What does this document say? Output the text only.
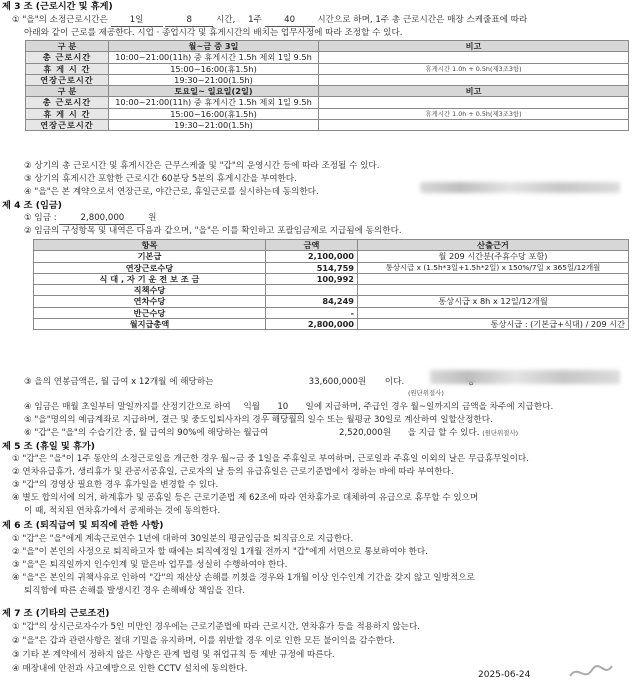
제 3 조 (근로시간 및 휴게)
① "을"의 소정근로시간은	1일	8	시간, 1주	40	시간으로 하며, 1주 총 근로시간은 매장 스케줄표에 따라
아래와 같이 근로를 제공한다. 시업 · 종업시각 및 휴게시간의 배치는 업무사정에 따라 조정할 수 있다.
구 분	월~금 중 3일	비고
총 근로시간	10:00~21:00(11h) 중 휴게시간 1.5h 제외 1일 9.5h	
휴 게 시 간	15:00~16:00(휴1.5h)	휴게시간 1.0h + 0.5h(제3조3항)
연장근로시간	19:30~21:00(1.5h)	
구 분	토요일~ 일요일(2일)	비고
총 근로시간	10:00~21:00(11h) 중 휴게시간 1.5h 제외 1일 9.5h	
휴 게 시 간	15:00~16:00(휴1.5h)	휴게시간 1.0h + 0.5h(제3조3항)
연장근로시간	19:30~21:00(1.5h)	
② 상기의 총 근로시간 및 휴게시간은 근무스케줄 및 "갑"의 운영시간 등에 따라 조정될 수 있다.
③ 상기의 휴게시간 포함한 근로시간 60분당 5분의 휴게시간을 부여한다.
④ "을"은 본 계약으로서 연장근로, 야간근로, 휴일근로를 실시하는데 동의한다.
제 4 조 (임금)
① 임금 :	2,800,000	원
② 임금의 구성항목 및 내역은 다음과 같으며, "을"은 이를 확인하고 포괄임금제로 지급됨에 동의한다.
항목	금액	산출근거
기본급	2,100,000	월 209 시간분(주휴수당 포함)
연장근로수당	514,759	통상시급 x (1.5h*3일+1.5h*2일) x 150%/7일 x 365일/12개월
식 대 , 자 기 운 전 보 조 금	100,992	
직책수당		
연차수당	84,249	통상시급 x 8h x 12일/12개월
반근수당	-	
월지급총액	2,800,000	통상시급 : (기본급+식대) / 209 시간
③ 을의 연봉금액은, 월 급여 x 12개월 에 해당하는	33,600,000원 이다.
(원단위절사)
④ 임금은 매월 초일부터 말일까지를 산정기간으로 하여 익월 10 일에 지급하며, 주급인 경우 월~일까지의 금액을 차주에 지급한다.
⑤ "을"명의의 예금계좌로 지급하며, 결근 및 중도입퇴사자의 경우 해당월의 일수 또는 월평균 30일로 계산하여 일할산정한다.
⑥ "갑"은 "을"의 수습기간 중, 월 급여의 90%에 해당하는 월급여	2,520,000원 을 지급 할 수 있다. (원단위절사)
제 5 조 (휴일 및 휴가)
① "갑"은 "을"이 1주 동안의 소정근로일을 개근한 경우 월~금 중 1일을 주휴일로 부여하며, 근로일과 주휴일 이외의 날은 무급휴무일이다.
② 연차유급휴가, 생리휴가 및 관공서공휴일, 근로자의 날 등의 유급휴일은 근로기준법에서 정하는 바에 따라 부여한다.
③ "갑"의 경영상 필요한 경우 휴가일을 변경할 수 있다.
④ 별도 합의서에 의거, 하계휴가 및 공휴일 등은 근로기준법 제 62조에 따라 연차휴가로 대체하여 유급으로 휴무할 수 있으며
이 때, 적치된 연차휴가에서 공제하는 것에 동의한다.
제 6 조 (퇴직급여 및 퇴직에 관한 사항)
① "갑"은 "을"에게 계속근로연수 1년에 대하여 30일분의 평균임금을 퇴직금으로 지급한다.
② "을"이 본인의 사정으로 퇴직하고자 할 때에는 퇴직예정일 1개월 전까지 "갑"에게 서면으로 통보하여야 한다.
③ "을"은 퇴직일까지 인수인계 및 맡은바 업무를 성실히 수행하여야 한다.
④ "을"은 본인의 귀책사유로 인하여 "갑"의 재산상 손해를 끼쳤을 경우와 1개월 이상 인수인계 기간을 갖지 않고 일방적으로
퇴직함에 따른 손해를 발생시킨 경우 손해배상 책임을 진다.
제 7 조 (기타의 근로조건)
① "갑"의 상시근로자수가 5인 미만인 경우에는 근로기준법에 따라 근로시간, 연차휴가 등을 적용하지 않는다.
② "을"은 갑과 관련사항은 절대 기밀을 유지하며, 이를 위반할 경우 이로 인한 모든 불이익을 감수한다.
③ 기타 본 계약에서 정하지 않은 사항은 관계 법령 및 취업규칙 등 제반 규정에 따른다.
④ 매장내에 안전과 사고예방으로 인한 CCTV 설치에 동의한다.
2025-06-24
